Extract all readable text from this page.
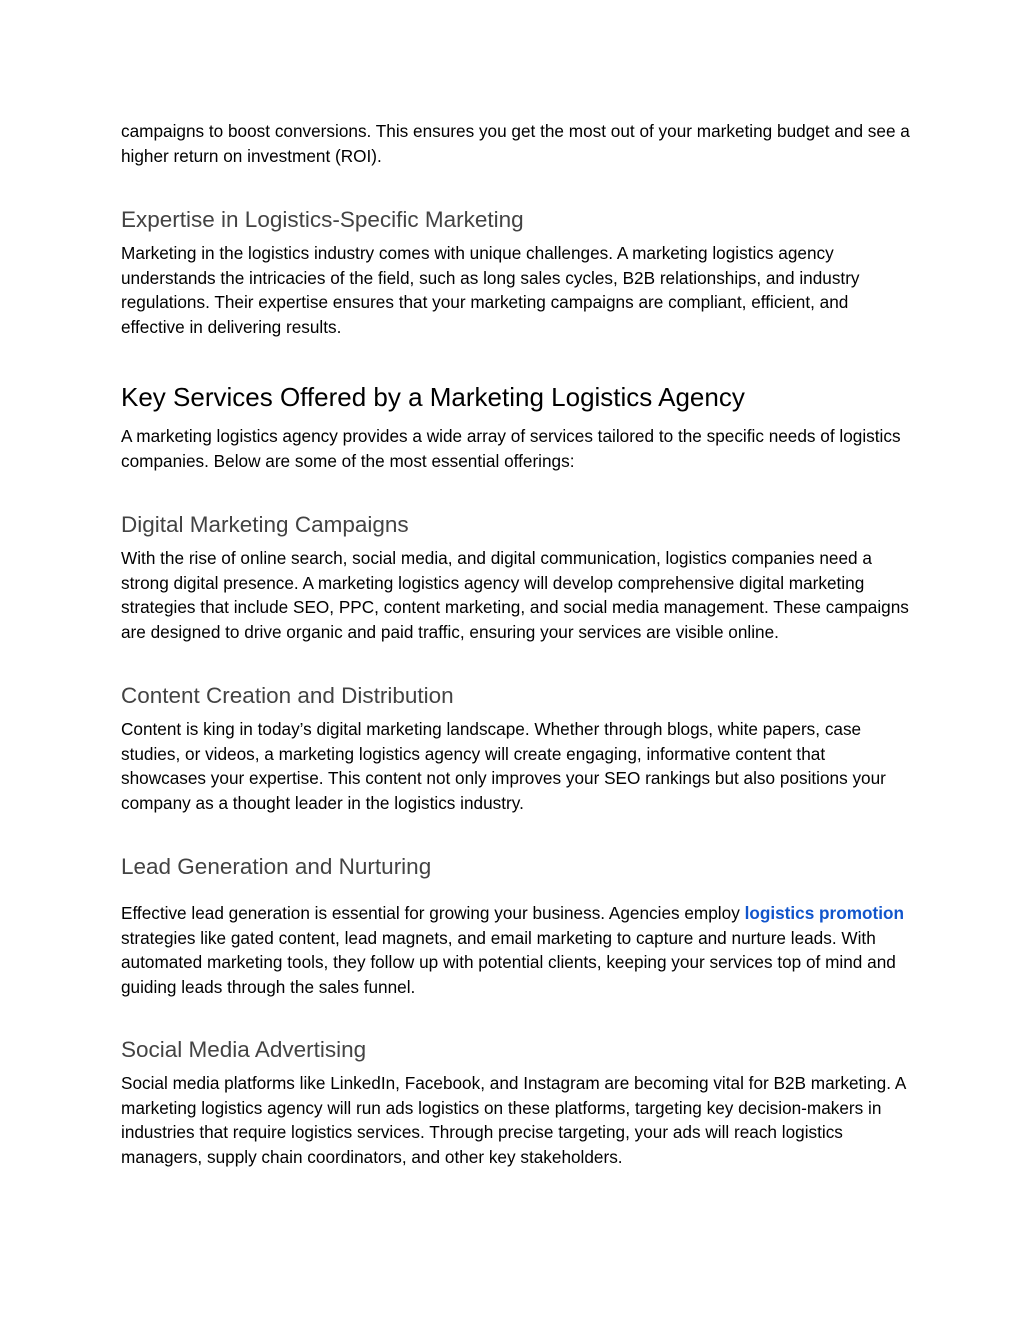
campaigns to boost conversions. This ensures you get the most out of your marketing budget and see a higher return on investment (ROI).

Expertise in Logistics-Specific Marketing

Marketing in the logistics industry comes with unique challenges. A marketing logistics agency understands the intricacies of the field, such as long sales cycles, B2B relationships, and industry regulations. Their expertise ensures that your marketing campaigns are compliant, efficient, and effective in delivering results.

Key Services Offered by a Marketing Logistics Agency

A marketing logistics agency provides a wide array of services tailored to the specific needs of logistics companies. Below are some of the most essential offerings:

Digital Marketing Campaigns

With the rise of online search, social media, and digital communication, logistics companies need a strong digital presence. A marketing logistics agency will develop comprehensive digital marketing strategies that include SEO, PPC, content marketing, and social media management. These campaigns are designed to drive organic and paid traffic, ensuring your services are visible online.

Content Creation and Distribution

Content is king in today’s digital marketing landscape. Whether through blogs, white papers, case studies, or videos, a marketing logistics agency will create engaging, informative content that showcases your expertise. This content not only improves your SEO rankings but also positions your company as a thought leader in the logistics industry.

Lead Generation and Nurturing

Effective lead generation is essential for growing your business. Agencies employ logistics promotion strategies like gated content, lead magnets, and email marketing to capture and nurture leads. With automated marketing tools, they follow up with potential clients, keeping your services top of mind and guiding leads through the sales funnel.

Social Media Advertising

Social media platforms like LinkedIn, Facebook, and Instagram are becoming vital for B2B marketing. A marketing logistics agency will run ads logistics on these platforms, targeting key decision-makers in industries that require logistics services. Through precise targeting, your ads will reach logistics managers, supply chain coordinators, and other key stakeholders.
